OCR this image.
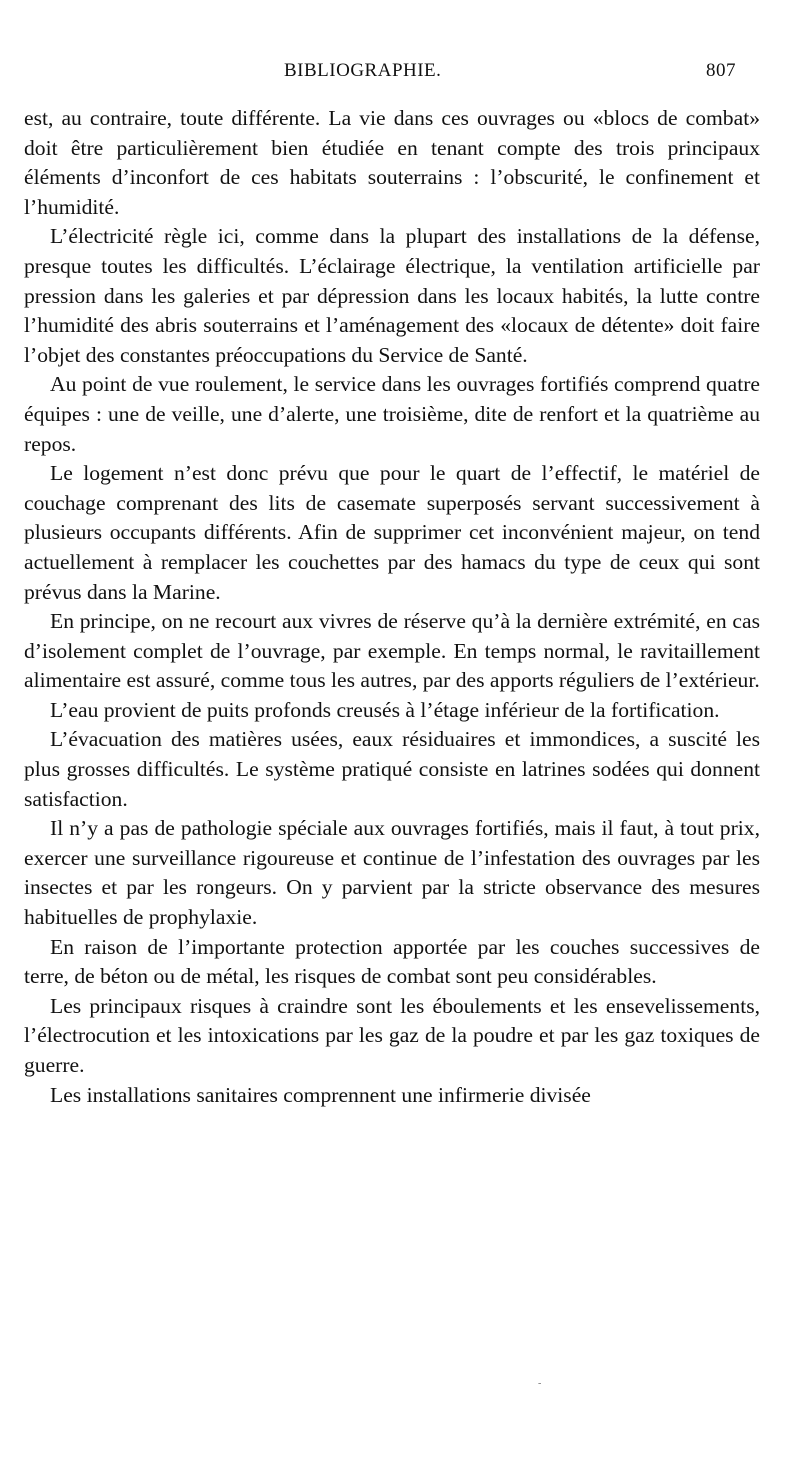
BIBLIOGRAPHIE.	807

est, au contraire, toute différente. La vie dans ces ouvrages ou «blocs de combat» doit être particulièrement bien étudiée en tenant compte des trois principaux éléments d’inconfort de ces habitats souterrains : l’obscurité, le confinement et l’humidité.

L’électricité règle ici, comme dans la plupart des installations de la défense, presque toutes les difficultés. L’éclairage électrique, la ventilation artificielle par pression dans les galeries et par dépression dans les locaux habités, la lutte contre l’humidité des abris souterrains et l’aménagement des «locaux de détente» doit faire l’objet des constantes préoccupations du Service de Santé.

Au point de vue roulement, le service dans les ouvrages fortifiés comprend quatre équipes : une de veille, une d’alerte, une troisième, dite de renfort et la quatrième au repos.

Le logement n’est donc prévu que pour le quart de l’effectif, le matériel de couchage comprenant des lits de casemate superposés servant successivement à plusieurs occupants différents. Afin de supprimer cet inconvénient majeur, on tend actuellement à remplacer les couchettes par des hamacs du type de ceux qui sont prévus dans la Marine.

En principe, on ne recourt aux vivres de réserve qu’à la dernière extrémité, en cas d’isolement complet de l’ouvrage, par exemple. En temps normal, le ravitaillement alimentaire est assuré, comme tous les autres, par des apports réguliers de l’extérieur.

L’eau provient de puits profonds creusés à l’étage inférieur de la fortification.

L’évacuation des matières usées, eaux résiduaires et immondices, a suscité les plus grosses difficultés. Le système pratiqué consiste en latrines sodées qui donnent satisfaction.

Il n’y a pas de pathologie spéciale aux ouvrages fortifiés, mais il faut, à tout prix, exercer une surveillance rigoureuse et continue de l’infestation des ouvrages par les insectes et par les rongeurs. On y parvient par la stricte observance des mesures habituelles de prophylaxie.

En raison de l’importante protection apportée par les couches successives de terre, de béton ou de métal, les risques de combat sont peu considérables.

Les principaux risques à craindre sont les éboulements et les ensevelissements, l’électrocution et les intoxications par les gaz de la poudre et par les gaz toxiques de guerre.

Les installations sanitaires comprennent une infirmerie divisée

-
